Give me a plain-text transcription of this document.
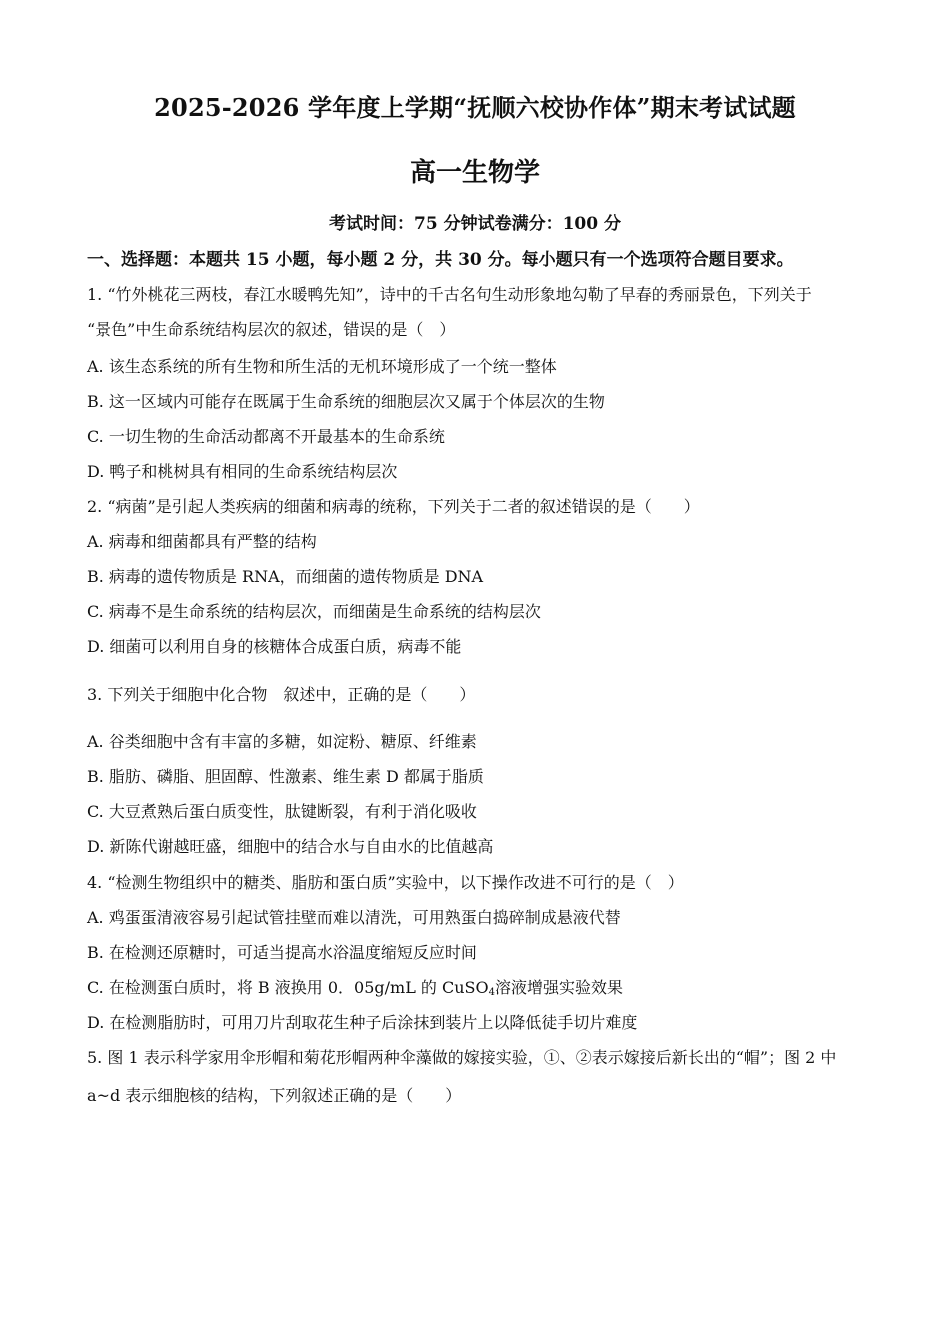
2025-2026 学年度上学期“抚顺六校协作体”期末考试试题
高一生物学
考试时间：75 分钟试卷满分：100 分
一、选择题：本题共 15 小题，每小题 2 分，共 30 分。每小题只有一个选项符合题目要求。
1. “竹外桃花三两枝，春江水暖鸭先知”，诗中的千古名句生动形象地勾勒了早春的秀丽景色，下列关于
“景色”中生命系统结构层次的叙述，错误的是（　）
A. 该生态系统的所有生物和所生活的无机环境形成了一个统一整体
B. 这一区域内可能存在既属于生命系统的细胞层次又属于个体层次的生物
C. 一切生物的生命活动都离不开最基本的生命系统
D. 鸭子和桃树具有相同的生命系统结构层次
2. “病菌”是引起人类疾病的细菌和病毒的统称，下列关于二者的叙述错误的是（　　）
A. 病毒和细菌都具有严整的结构
B. 病毒的遗传物质是 RNA，而细菌的遗传物质是 DNA
C. 病毒不是生命系统的结构层次，而细菌是生命系统的结构层次
D. 细菌可以利用自身的核糖体合成蛋白质，病毒不能
3. 下列关于细胞中化合物　叙述中，正确的是（　　）
A. 谷类细胞中含有丰富的多糖，如淀粉、糖原、纤维素
B. 脂肪、磷脂、胆固醇、性激素、维生素 D 都属于脂质
C. 大豆煮熟后蛋白质变性，肽键断裂，有利于消化吸收
D. 新陈代谢越旺盛，细胞中的结合水与自由水的比值越高
4. “检测生物组织中的糖类、脂肪和蛋白质”实验中，以下操作改进不可行的是（　）
A. 鸡蛋蛋清液容易引起试管挂壁而难以清洗，可用熟蛋白捣碎制成悬液代替
B. 在检测还原糖时，可适当提高水浴温度缩短反应时间
C. 在检测蛋白质时，将 B 液换用 0．05g/mL 的 CuSO$_4$溶液增强实验效果
D. 在检测脂肪时，可用刀片刮取花生种子后涂抹到装片上以降低徒手切片难度
5. 图 1 表示科学家用伞形帽和菊花形帽两种伞藻做的嫁接实验，①、②表示嫁接后新长出的“帽”；图 2 中
a~d 表示细胞核的结构，下列叙述正确的是（　　）
